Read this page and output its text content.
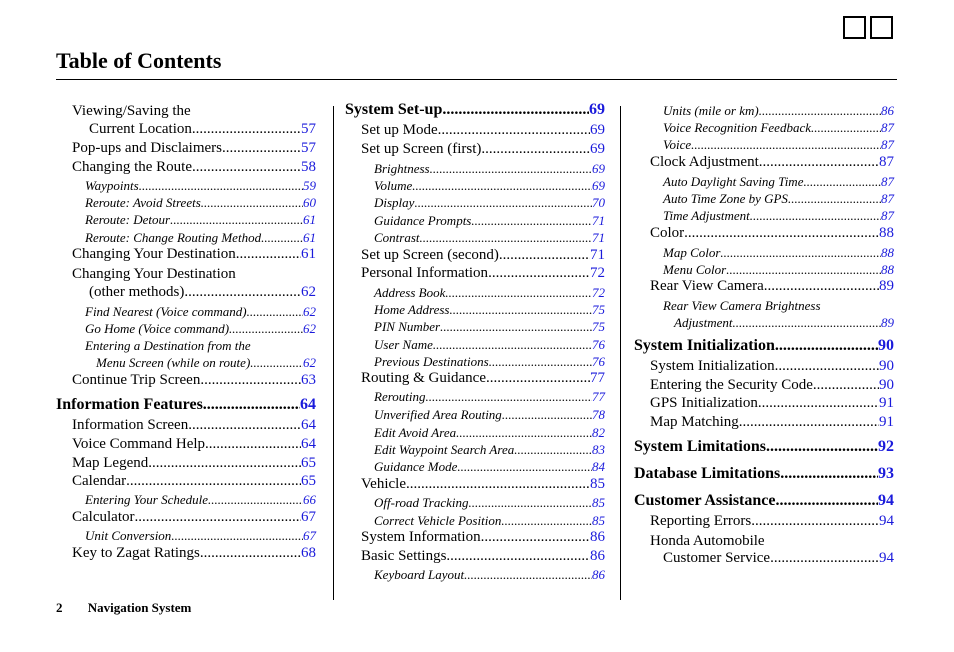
Table of Contents
Viewing/Saving the
Current Location .....	57
Pop-ups and Disclaimers .....	57
Changing the Route .....	58
Waypoints .....	59
Reroute: Avoid Streets .....	60
Reroute: Detour .....	61
Reroute: Change Routing Method .....	61
Changing Your Destination .....	61
Changing Your Destination
(other methods) .....	62
Find Nearest (Voice command) .....	62
Go Home (Voice command) .....	62
Entering a Destination from the
Menu Screen (while on route) .....	62
Continue Trip Screen .....	63
Information Features .....	64
Information Screen .....	64
Voice Command Help .....	64
Map Legend .....	65
Calendar .....	65
Entering Your Schedule .....	66
Calculator .....	67
Unit Conversion .....	67
Key to Zagat Ratings .....	68
System Set-up .....	69
Set up Mode .....	69
Set up Screen (first) .....	69
Brightness .....	69
Volume .....	69
Display .....	70
Guidance Prompts .....	71
Contrast .....	71
Set up Screen (second) .....	71
Personal Information .....	72
Address Book .....	72
Home Address .....	75
PIN Number .....	75
User Name .....	76
Previous Destinations .....	76
Routing & Guidance .....	77
Rerouting .....	77
Unverified Area Routing .....	78
Edit Avoid Area .....	82
Edit Waypoint Search Area .....	83
Guidance Mode .....	84
Vehicle .....	85
Off-road Tracking .....	85
Correct Vehicle Position .....	85
System Information .....	86
Basic Settings .....	86
Keyboard Layout .....	86
Units (mile or km) .....	86
Voice Recognition Feedback .....	87
Voice .....	87
Clock Adjustment .....	87
Auto Daylight Saving Time .....	87
Auto Time Zone by GPS .....	87
Time Adjustment .....	87
Color .....	88
Map Color .....	88
Menu Color .....	88
Rear View Camera .....	89
Rear View Camera Brightness
Adjustment .....	89
System Initialization .....	90
System Initialization .....	90
Entering the Security Code .....	90
GPS Initialization .....	91
Map Matching .....	91
System Limitations .....	92
Database Limitations .....	93
Customer Assistance .....	94
Reporting Errors .....	94
Honda Automobile
Customer Service .....	94
2 Navigation System
